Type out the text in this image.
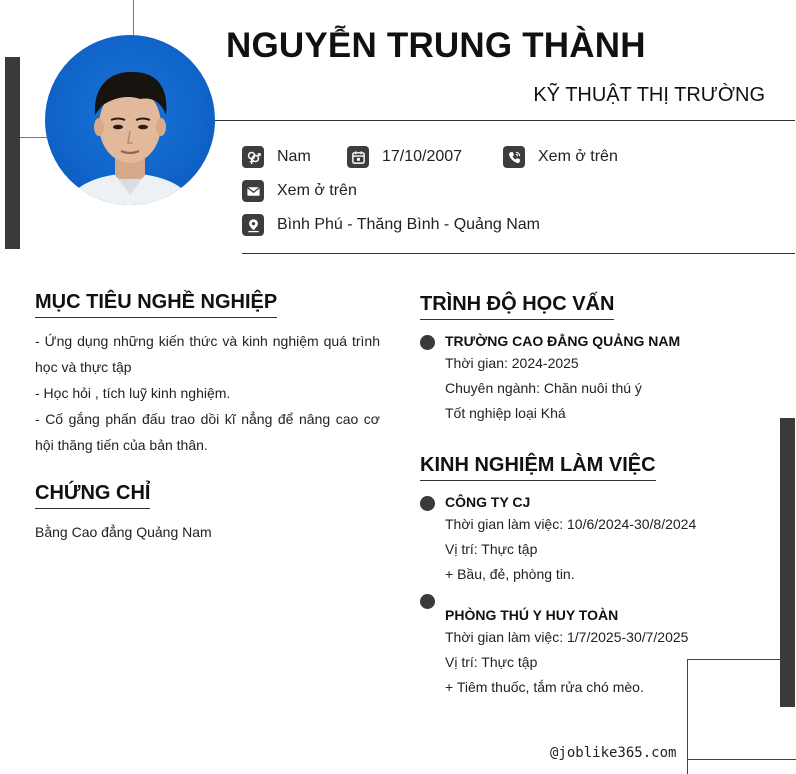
NGUYỄN TRUNG THÀNH
KỸ THUẬT THỊ TRƯỜNG
Nam	17/10/2007	Xem ở trên
Xem ở trên
Bình Phú - Thăng Bình - Quảng Nam
MỤC TIÊU NGHỀ NGHIỆP
- Ứng dụng những kiến thức và kinh nghiệm quá trình học và thực tập
- Học hỏi , tích luỹ kinh nghiệm.
- Cố gắng phấn đấu trao dồi kĩ nẳng để nâng cao cơ hội thăng tiến của bản thân.
CHỨNG CHỈ
Bằng Cao đẳng Quảng Nam
TRÌNH ĐỘ HỌC VẤN
TRƯỜNG CAO ĐẲNG QUẢNG NAM
Thời gian: 2024-2025
Chuyên ngành: Chăn nuôi thú ý
Tốt nghiệp loại Khá
KINH NGHIỆM LÀM VIỆC
CÔNG TY CJ
Thời gian làm việc: 10/6/2024-30/8/2024
Vị trí: Thực tập
+ Bầu, đẻ, phòng tin.
PHÒNG THÚ Y HUY TOÀN
Thời gian làm việc: 1/7/2025-30/7/2025
Vị trí: Thực tập
+ Tiêm thuốc, tắm rửa chó mèo.
@joblike365.com
